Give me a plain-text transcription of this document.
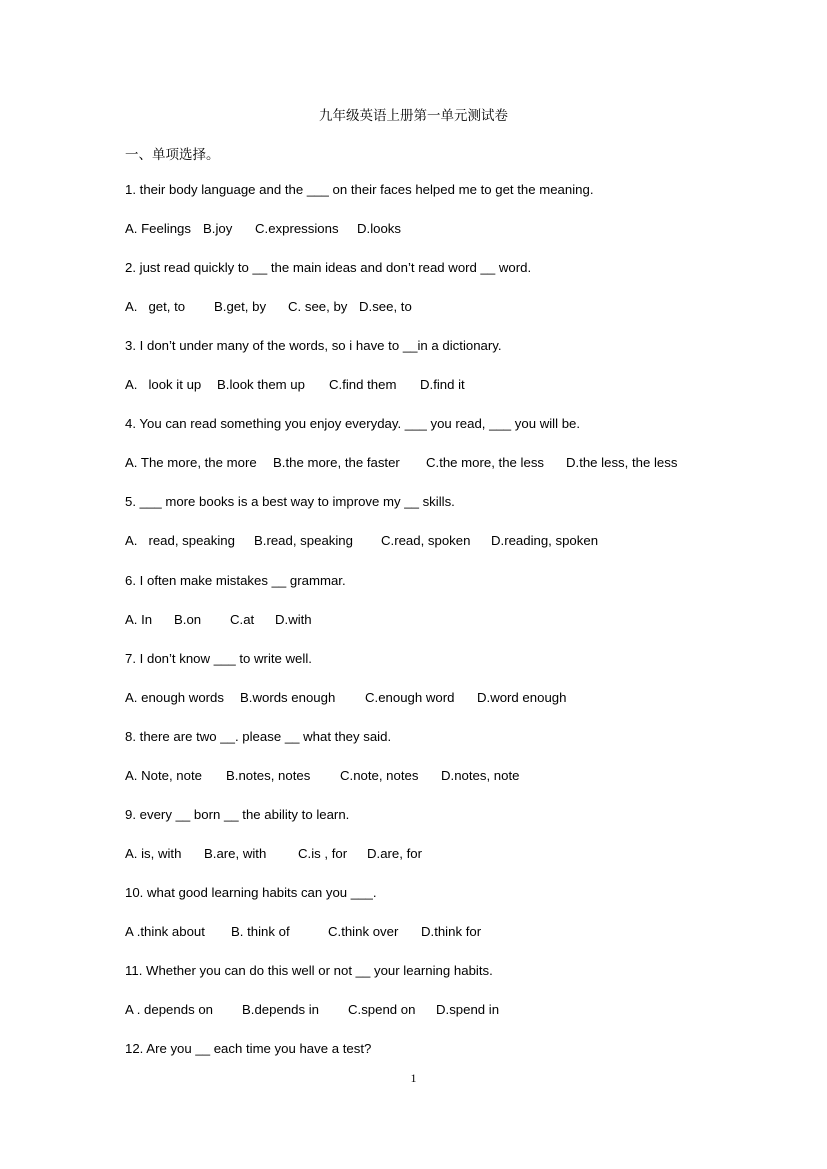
九年级英语上册第一单元测试卷
一、单项选择。
1. their body language and the ___ on their faces helped me to get the meaning.
A. Feelings B.joy C.expressions D.looks
2. just read quickly to __ the main ideas and don’t read word __ word.
A.   get, to B.get, by C. see, by D.see, to
3. I don’t under many of the words, so i have to __in a dictionary.
A.   look it up B.look them up C.find them D.find it
4. You can read something you enjoy everyday. ___ you read, ___ you will be.
A. The more, the more B.the more, the faster C.the more, the less D.the less, the less
5. ___ more books is a best way to improve my __ skills.
A.   read, speaking B.read, speaking C.read, spoken D.reading, spoken
6. I often make mistakes __ grammar.
A. In B.on C.at D.with
7. I don’t know ___ to write well.
A. enough words B.words enough C.enough word D.word enough
8. there are two __. please __ what they said.
A. Note, note B.notes, notes C.note, notes D.notes, note
9. every __ born __ the ability to learn.
A. is, with B.are, with C.is , for D.are, for
10. what good learning habits can you ___.
A .think about B. think of	C.think over D.think for
11. Whether you can do this well or not __ your learning habits.
A . depends on B.depends in C.spend on D.spend in
12. Are you __ each time you have a test?
1
